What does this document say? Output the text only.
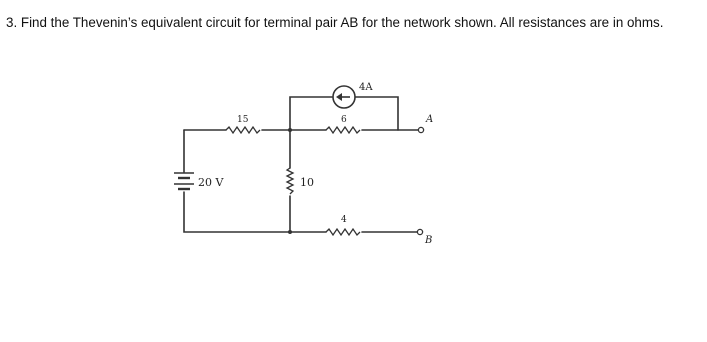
3. Find the Thevenin’s equivalent circuit for terminal pair AB for the network shown. All resistances are in ohms.
4A
15
20 V	10
6
4
A
B
